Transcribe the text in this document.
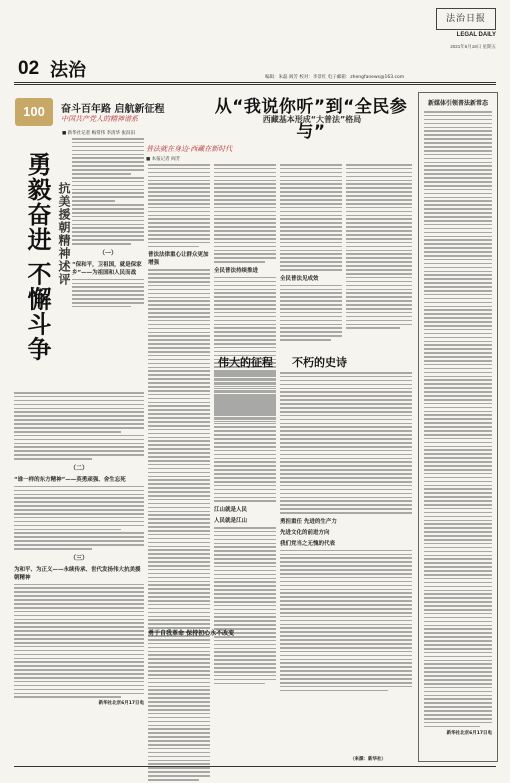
02 法治
法治日报
LEGAL DAILY
2021年6月18日 星期五
编辑：朱磊 阎芳 校对：李景红 电子邮箱：zhengfanews@163.com
100	奋斗百年路 启航新征程
中国共产党人的精神谱系
■ 新华社记者 梅常伟 李清华 张汨汨
勇毅奋进 不懈斗争 抗美援朝精神述评	（一）
“保和平，卫祖国，就是保家乡”——为祖国和人民而战
（二）
“谁一样的东方精神”——英勇顽强、舍生忘死
（三）
为和平、为正义——永续传承、世代发扬伟大抗美援朝精神
新华社北京6月17日电
从“我说你听”到“全民参与”
西藏基本形成“大普法”格局
普法就在身边·西藏在新时代
■ 本报记者 阎芳
普法法律重心让群众更加增强
全民普法持续推进
全民普法见成效
伟大的征程 不朽的史诗
江山就是人民
人民就是江山	勇担重任 先进的生产力
先进文化的前进方向
我们党当之无愧的代表
勇于自我革命 保持初心永不改变
新媒体引领普法新常态
新华社北京6月17日电
（来源：新华社）
